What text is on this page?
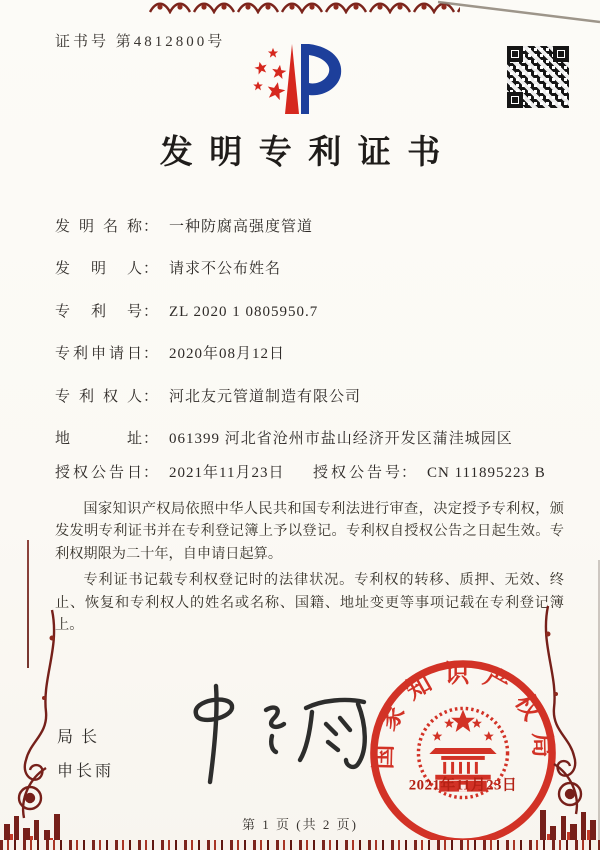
证书号 第4812800号
发明专利证书
发明名称： 一种防腐高强度管道
发明人： 请求不公布姓名
专利号： ZL 2020 1 0805950.7
专利申请日： 2020年08月12日
专利权人： 河北友元管道制造有限公司
地址： 061399 河北省沧州市盐山经济开发区蒲洼城园区
授权公告日： 2021年11月23日 授权公告号： CN 111895223 B

国家知识产权局依照中华人民共和国专利法进行审查，决定授予专利权，颁发发明专利证书并在专利登记簿上予以登记。专利权自授权公告之日起生效。专利权期限为二十年，自申请日起算。

专利证书记载专利权登记时的法律状况。专利权的转移、质押、无效、终止、恢复和专利权人的姓名或名称、国籍、地址变更等事项记载在专利登记簿上。

局长
申长雨
国家知识产权局
2021年11月23日
第 1 页 (共 2 页)
